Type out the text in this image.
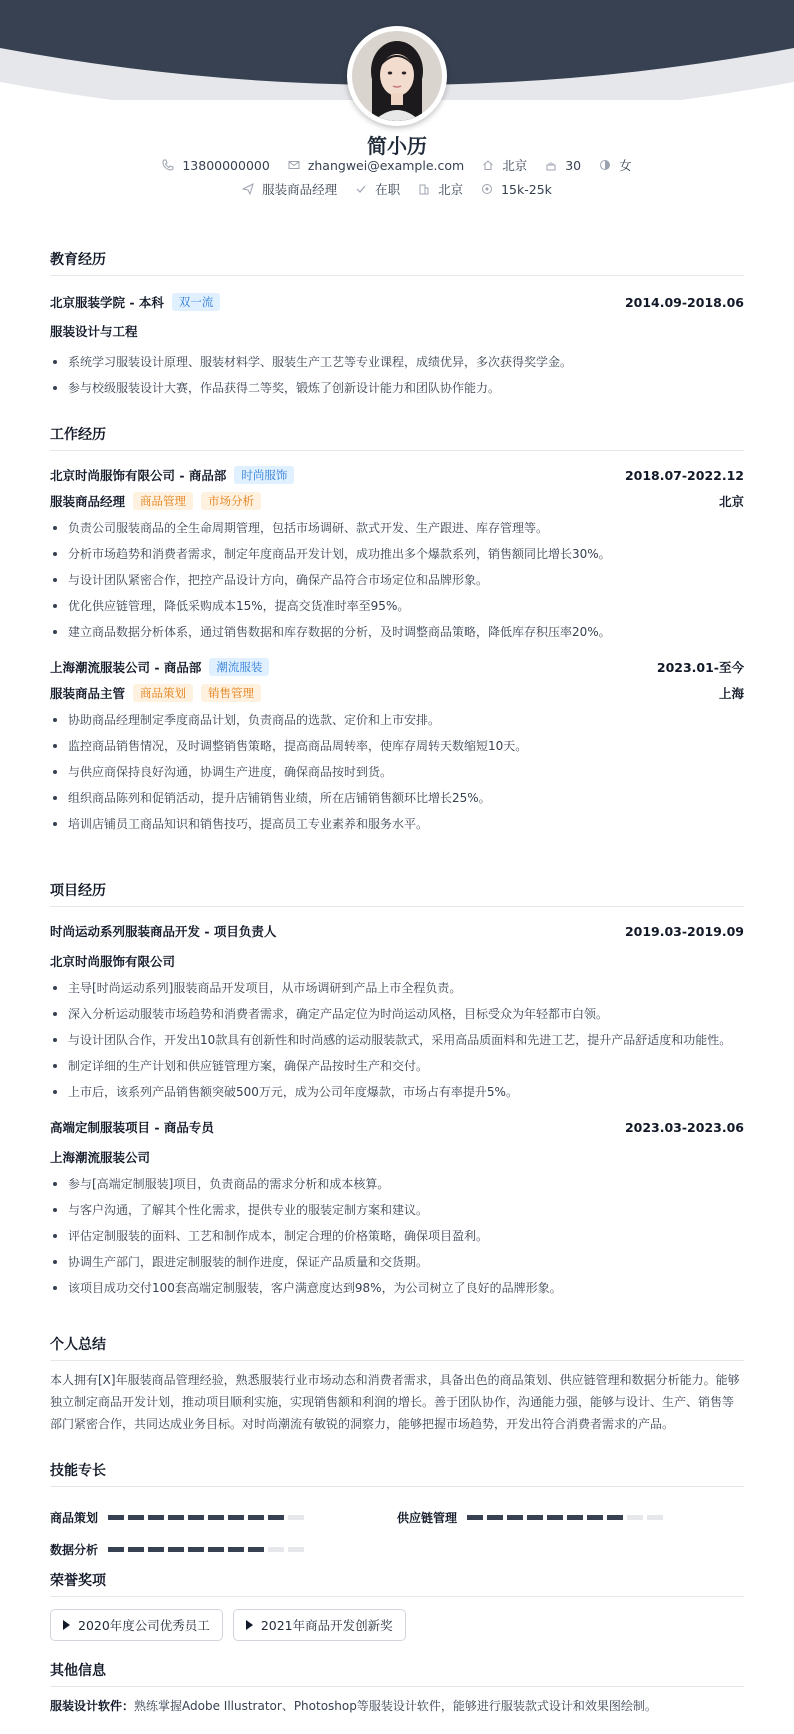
简小历
13800000000	zhangwei@example.com	北京	30	女
服装商品经理	在职	北京	15k-25k
教育经历
北京服装学院 - 本科	双一流	2014.09-2018.06
服装设计与工程
系统学习服装设计原理、服装材料学、服装生产工艺等专业课程，成绩优异，多次获得奖学金。
参与校级服装设计大赛，作品获得二等奖，锻炼了创新设计能力和团队协作能力。
工作经历
北京时尚服饰有限公司 - 商品部	时尚服饰	2018.07-2022.12
服装商品经理	商品管理	市场分析	北京
负责公司服装商品的全生命周期管理，包括市场调研、款式开发、生产跟进、库存管理等。
分析市场趋势和消费者需求，制定年度商品开发计划，成功推出多个爆款系列，销售额同比增长30%。
与设计团队紧密合作，把控产品设计方向，确保产品符合市场定位和品牌形象。
优化供应链管理，降低采购成本15%，提高交货准时率至95%。
建立商品数据分析体系，通过销售数据和库存数据的分析，及时调整商品策略，降低库存积压率20%。
上海潮流服装公司 - 商品部	潮流服装	2023.01-至今
服装商品主管	商品策划	销售管理	上海
协助商品经理制定季度商品计划，负责商品的选款、定价和上市安排。
监控商品销售情况，及时调整销售策略，提高商品周转率，使库存周转天数缩短10天。
与供应商保持良好沟通，协调生产进度，确保商品按时到货。
组织商品陈列和促销活动，提升店铺销售业绩，所在店铺销售额环比增长25%。
培训店铺员工商品知识和销售技巧，提高员工专业素养和服务水平。
项目经历
时尚运动系列服装商品开发 - 项目负责人	2019.03-2019.09
北京时尚服饰有限公司
主导[时尚运动系列]服装商品开发项目，从市场调研到产品上市全程负责。
深入分析运动服装市场趋势和消费者需求，确定产品定位为时尚运动风格，目标受众为年轻都市白领。
与设计团队合作，开发出10款具有创新性和时尚感的运动服装款式，采用高品质面料和先进工艺，提升产品舒适度和功能性。
制定详细的生产计划和供应链管理方案，确保产品按时生产和交付。
上市后，该系列产品销售额突破500万元，成为公司年度爆款，市场占有率提升5%。
高端定制服装项目 - 商品专员	2023.03-2023.06
上海潮流服装公司
参与[高端定制服装]项目，负责商品的需求分析和成本核算。
与客户沟通，了解其个性化需求，提供专业的服装定制方案和建议。
评估定制服装的面料、工艺和制作成本，制定合理的价格策略，确保项目盈利。
协调生产部门，跟进定制服装的制作进度，保证产品质量和交货期。
该项目成功交付100套高端定制服装，客户满意度达到98%，为公司树立了良好的品牌形象。
个人总结
本人拥有[X]年服装商品管理经验，熟悉服装行业市场动态和消费者需求，具备出色的商品策划、供应链管理和数据分析能力。能够独立制定商品开发计划，推动项目顺利实施，实现销售额和利润的增长。善于团队协作，沟通能力强，能够与设计、生产、销售等部门紧密合作，共同达成业务目标。对时尚潮流有敏锐的洞察力，能够把握市场趋势，开发出符合消费者需求的产品。
技能专长
商品策划	供应链管理
数据分析
荣誉奖项
2020年度公司优秀员工	2021年商品开发创新奖
其他信息
服装设计软件：熟练掌握Adobe Illustrator、Photoshop等服装设计软件，能够进行服装款式设计和效果图绘制。
